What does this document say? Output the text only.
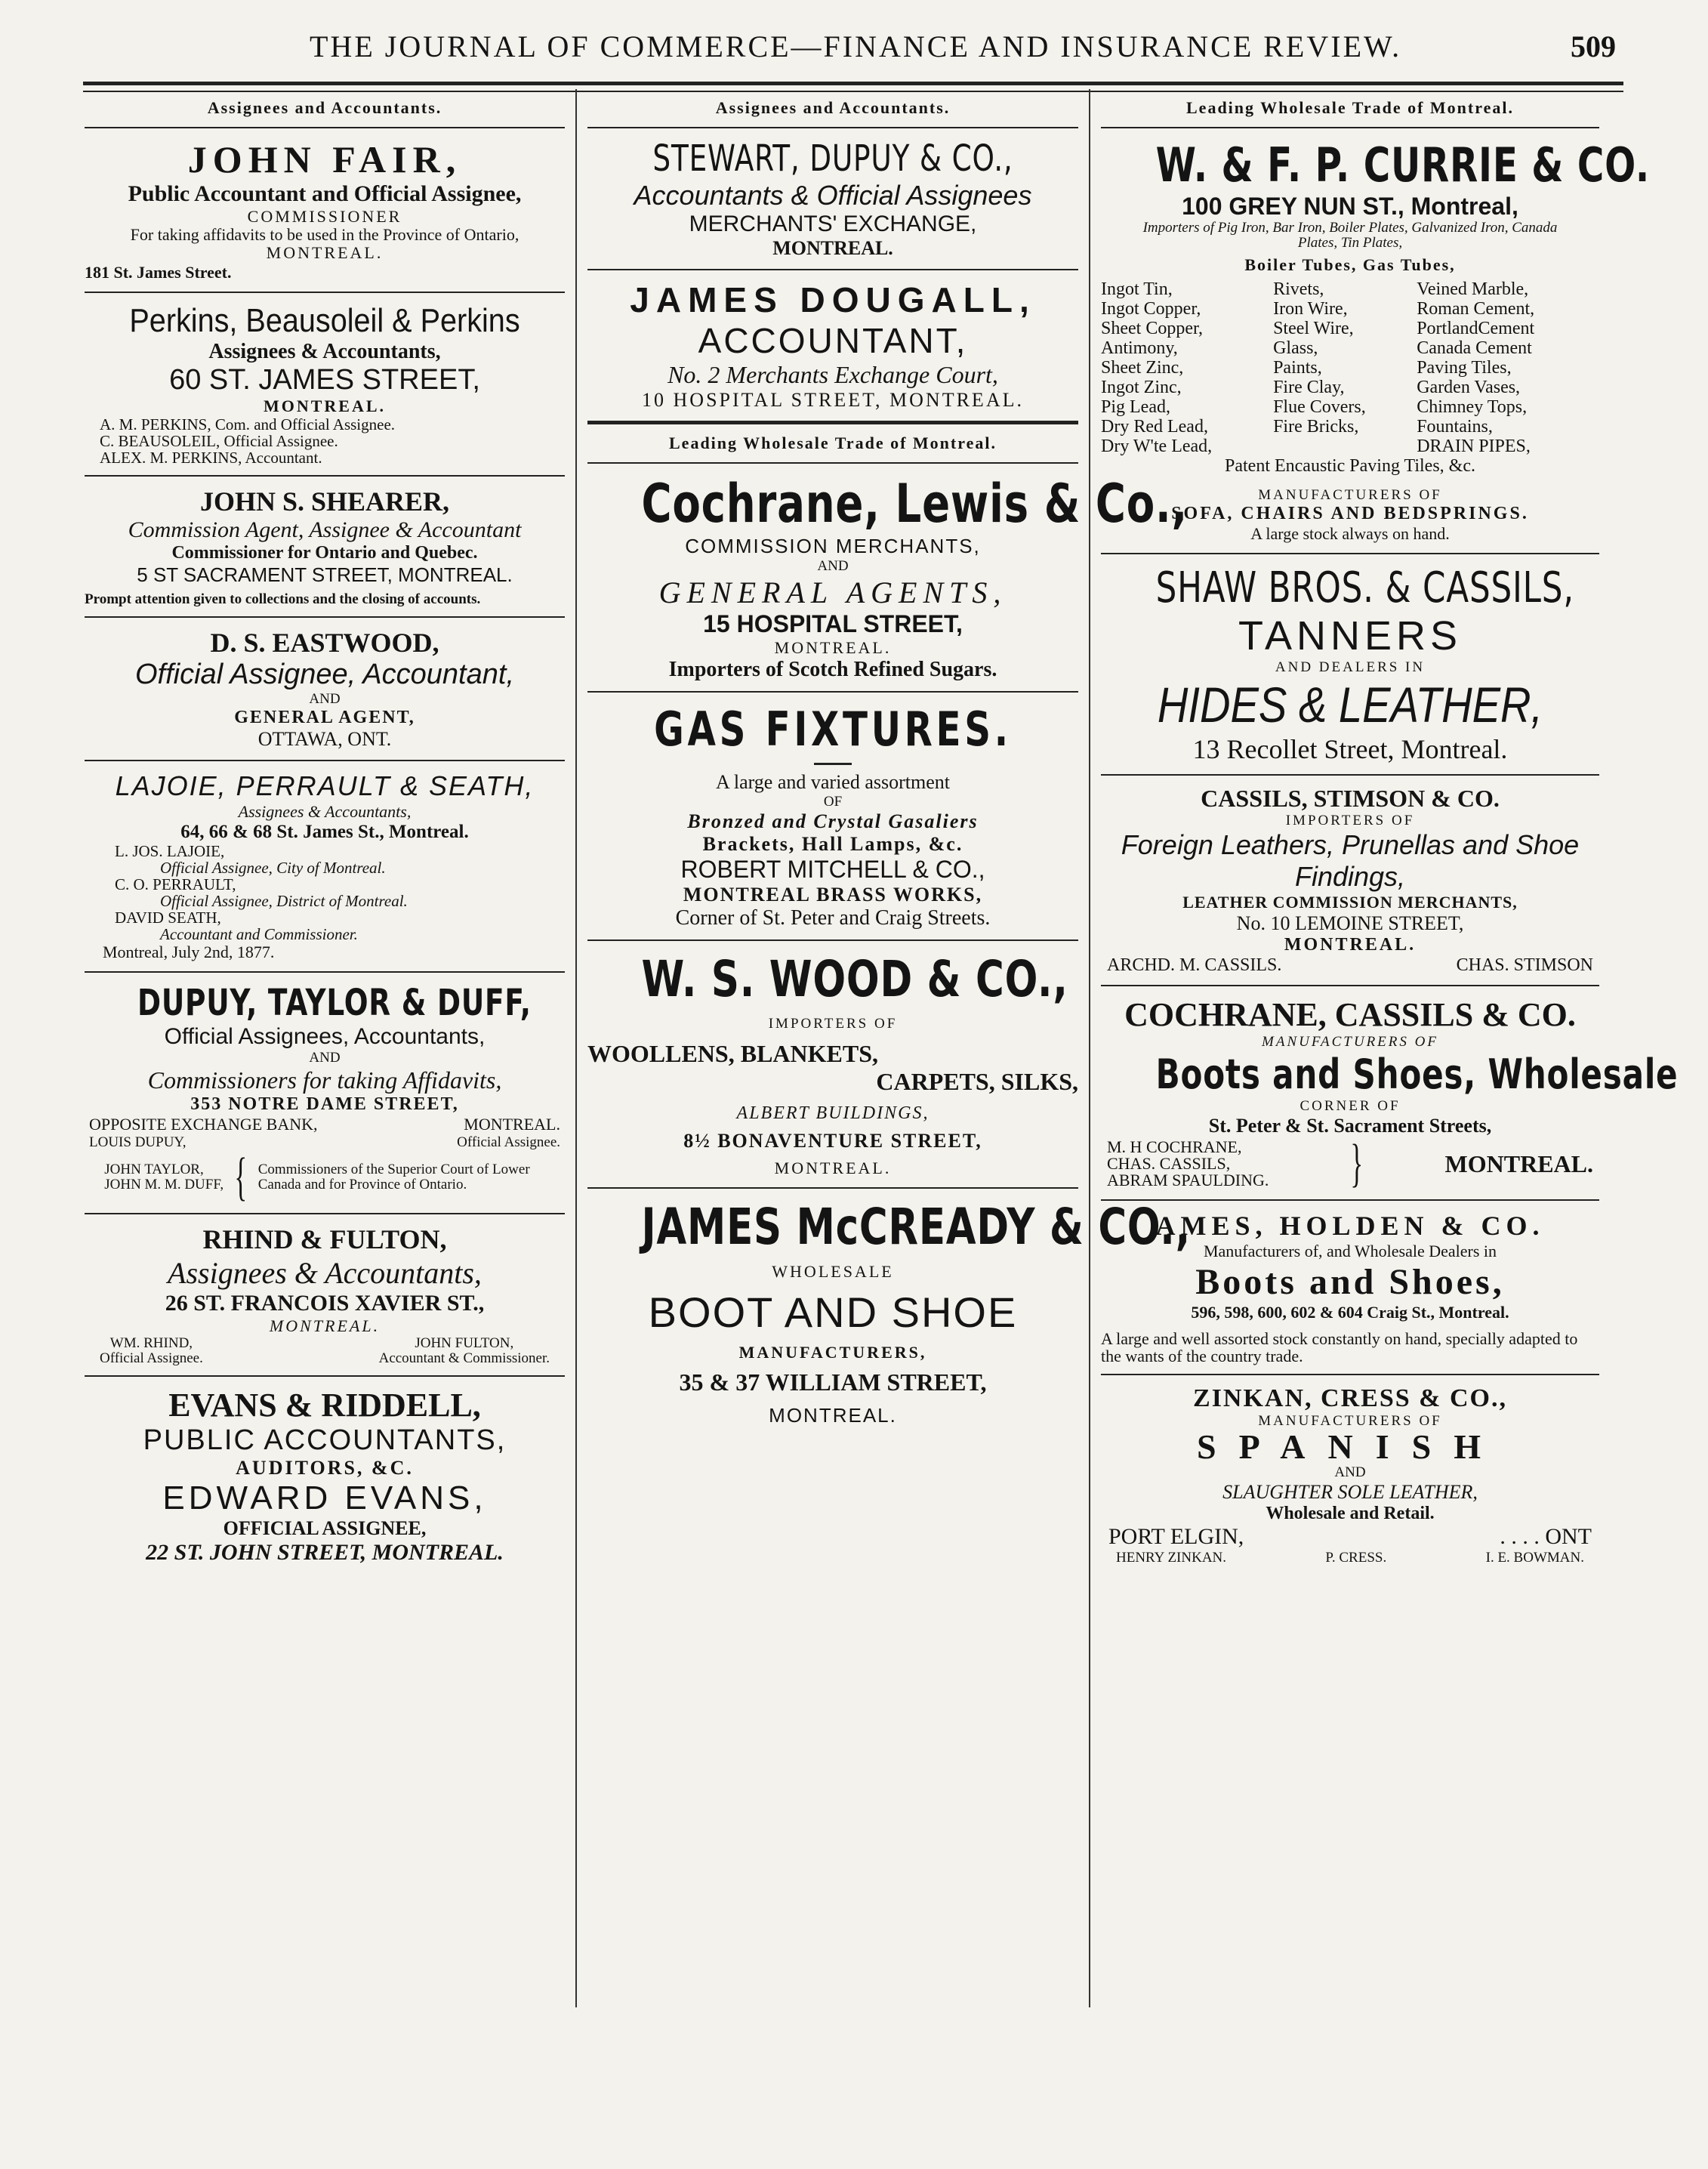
THE JOURNAL OF COMMERCE—FINANCE AND INSURANCE REVIEW.	509
Assignees and Accountants.
JOHN FAIR,
Public Accountant and Official Assignee,
COMMISSIONER
For taking affidavits to be used in the Province of Ontario,
MONTREAL.
181 St. James Street.
Perkins, Beausoleil & Perkins
Assignees & Accountants,
60 ST. JAMES STREET,
MONTREAL.
A. M. PERKINS, Com. and Official Assignee.
C. BEAUSOLEIL, Official Assignee.
ALEX. M. PERKINS, Accountant.
JOHN S. SHEARER,
Commission Agent, Assignee & Accountant
Commissioner for Ontario and Quebec.
5 ST SACRAMENT STREET, MONTREAL.
Prompt attention given to collections and the closing of accounts.
D. S. EASTWOOD,
Official Assignee, Accountant,
AND
GENERAL AGENT,
OTTAWA, ONT.
LAJOIE, PERRAULT & SEATH,
Assignees & Accountants,
64, 66 & 68 St. James St., Montreal.
L. JOS. LAJOIE,
Official Assignee, City of Montreal.
C. O. PERRAULT,
Official Assignee, District of Montreal.
DAVID SEATH,
Accountant and Commissioner.
Montreal, July 2nd, 1877.
DUPUY, TAYLOR & DUFF,
Official Assignees, Accountants,
AND
Commissioners for taking Affidavits,
353 NOTRE DAME STREET,
OPPOSITE EXCHANGE BANK,	MONTREAL.
LOUIS DUPUY,	Official Assignee.
JOHN TAYLOR,
JOHN M. M. DUFF, { Commissioners of the Superior Court of Lower Canada and for Province of Ontario.
RHIND & FULTON,
Assignees & Accountants,
26 ST. FRANCOIS XAVIER ST.,
MONTREAL.
WM. RHIND,
Official Assignee.
JOHN FULTON,
Accountant & Commissioner.
EVANS & RIDDELL,
PUBLIC ACCOUNTANTS,
AUDITORS, &C.
EDWARD EVANS,
OFFICIAL ASSIGNEE,
22 ST. JOHN STREET, MONTREAL.
Assignees and Accountants.
STEWART, DUPUY & CO.,
Accountants & Official Assignees
MERCHANTS' EXCHANGE,
MONTREAL.
JAMES DOUGALL,
ACCOUNTANT,
No. 2 Merchants Exchange Court,
10 HOSPITAL STREET, MONTREAL.
Leading Wholesale Trade of Montreal.
Cochrane, Lewis & Co.,
COMMISSION MERCHANTS,
AND
GENERAL AGENTS,
15 HOSPITAL STREET,
MONTREAL.
Importers of Scotch Refined Sugars.
GAS FIXTURES.
A large and varied assortment
OF
Bronzed and Crystal Gasaliers
Brackets, Hall Lamps, &c.
ROBERT MITCHELL & CO.,
MONTREAL BRASS WORKS,
Corner of St. Peter and Craig Streets.
W. S. WOOD & CO.,
IMPORTERS OF
WOOLLENS, BLANKETS,
CARPETS, SILKS,
ALBERT BUILDINGS,
8½ BONAVENTURE STREET,
MONTREAL.
JAMES McCREADY & CO.,
WHOLESALE
BOOT AND SHOE
MANUFACTURERS,
35 & 37 WILLIAM STREET,
MONTREAL.
Leading Wholesale Trade of Montreal.
W. & F. P. CURRIE & CO.
100 GREY NUN ST., Montreal,
Importers of Pig Iron, Bar Iron, Boiler Plates, Galvanized Iron, Canada Plates, Tin Plates,
Boiler Tubes, Gas Tubes,
Ingot Tin,	Rivets,	Veined Marble,
Ingot Copper,	Iron Wire,	Roman Cement,
Sheet Copper,	Steel Wire,	PortlandCement
Antimony,	Glass,	Canada Cement
Sheet Zinc,	Paints,	Paving Tiles,
Ingot Zinc,	Fire Clay,	Garden Vases,
Pig Lead,	Flue Covers,	Chimney Tops,
Dry Red Lead,	Fire Bricks,	Fountains,
Dry W'te Lead,		DRAIN PIPES,
Patent Encaustic Paving Tiles, &c.
MANUFACTURERS OF
SOFA, CHAIRS AND BEDSPRINGS.
A large stock always on hand.
SHAW BROS. & CASSILS,
TANNERS
AND DEALERS IN
HIDES & LEATHER,
13 Recollet Street, Montreal.
CASSILS, STIMSON & CO.
IMPORTERS OF
Foreign Leathers, Prunellas and Shoe Findings,
LEATHER COMMISSION MERCHANTS,
No. 10 LEMOINE STREET,
MONTREAL.
ARCHD. M. CASSILS.	CHAS. STIMSON
COCHRANE, CASSILS & CO.
MANUFACTURERS OF
Boots and Shoes, Wholesale
CORNER OF
St. Peter & St. Sacrament Streets,
M. H COCHRANE,
CHAS. CASSILS,
ABRAM SPAULDING. }	MONTREAL.
AMES, HOLDEN & CO.
Manufacturers of, and Wholesale Dealers in
Boots and Shoes,
596, 598, 600, 602 & 604 Craig St., Montreal.
A large and well assorted stock constantly on hand, specially adapted to the wants of the country trade.
ZINKAN, CRESS & CO.,
MANUFACTURERS OF
SPANISH
AND
SLAUGHTER SOLE LEATHER,
Wholesale and Retail.
PORT ELGIN,	. . . . ONT
HENRY ZINKAN.	P. CRESS.	I. E. BOWMAN.
